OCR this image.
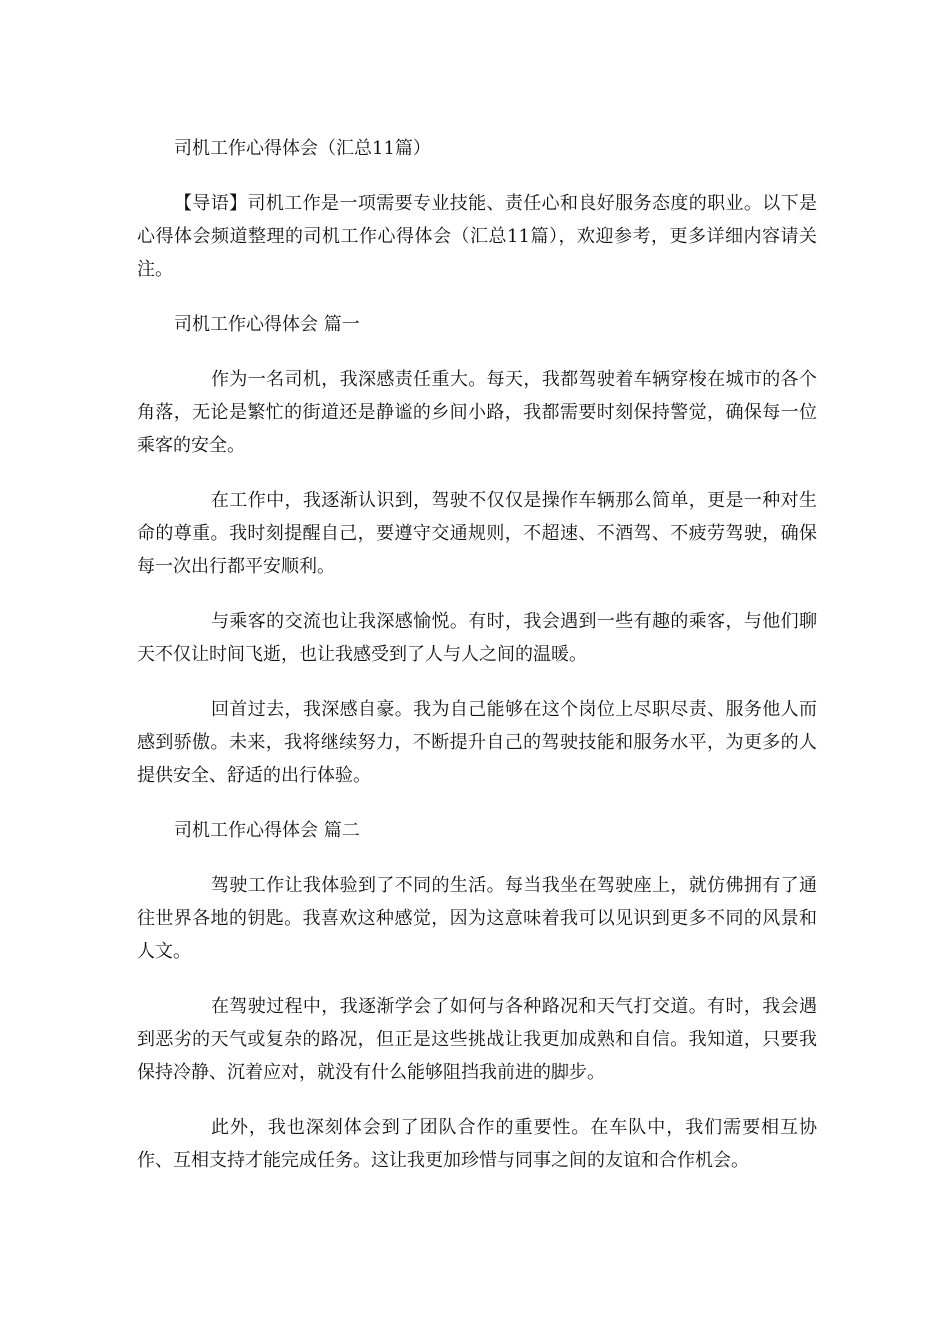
司机工作心得体会（汇总11篇）

【导语】司机工作是一项需要专业技能、责任心和良好服务态度的职业。以下是心得体会频道整理的司机工作心得体会（汇总11篇），欢迎参考，更多详细内容请关注。

司机工作心得体会 篇一

作为一名司机，我深感责任重大。每天，我都驾驶着车辆穿梭在城市的各个角落，无论是繁忙的街道还是静谧的乡间小路，我都需要时刻保持警觉，确保每一位乘客的安全。

在工作中，我逐渐认识到，驾驶不仅仅是操作车辆那么简单，更是一种对生命的尊重。我时刻提醒自己，要遵守交通规则，不超速、不酒驾、不疲劳驾驶，确保每一次出行都平安顺利。

与乘客的交流也让我深感愉悦。有时，我会遇到一些有趣的乘客，与他们聊天不仅让时间飞逝，也让我感受到了人与人之间的温暖。

回首过去，我深感自豪。我为自己能够在这个岗位上尽职尽责、服务他人而感到骄傲。未来，我将继续努力，不断提升自己的驾驶技能和服务水平，为更多的人提供安全、舒适的出行体验。

司机工作心得体会 篇二

驾驶工作让我体验到了不同的生活。每当我坐在驾驶座上，就仿佛拥有了通往世界各地的钥匙。我喜欢这种感觉，因为这意味着我可以见识到更多不同的风景和人文。

在驾驶过程中，我逐渐学会了如何与各种路况和天气打交道。有时，我会遇到恶劣的天气或复杂的路况，但正是这些挑战让我更加成熟和自信。我知道，只要我保持冷静、沉着应对，就没有什么能够阻挡我前进的脚步。

此外，我也深刻体会到了团队合作的重要性。在车队中，我们需要相互协作、互相支持才能完成任务。这让我更加珍惜与同事之间的友谊和合作机会。
